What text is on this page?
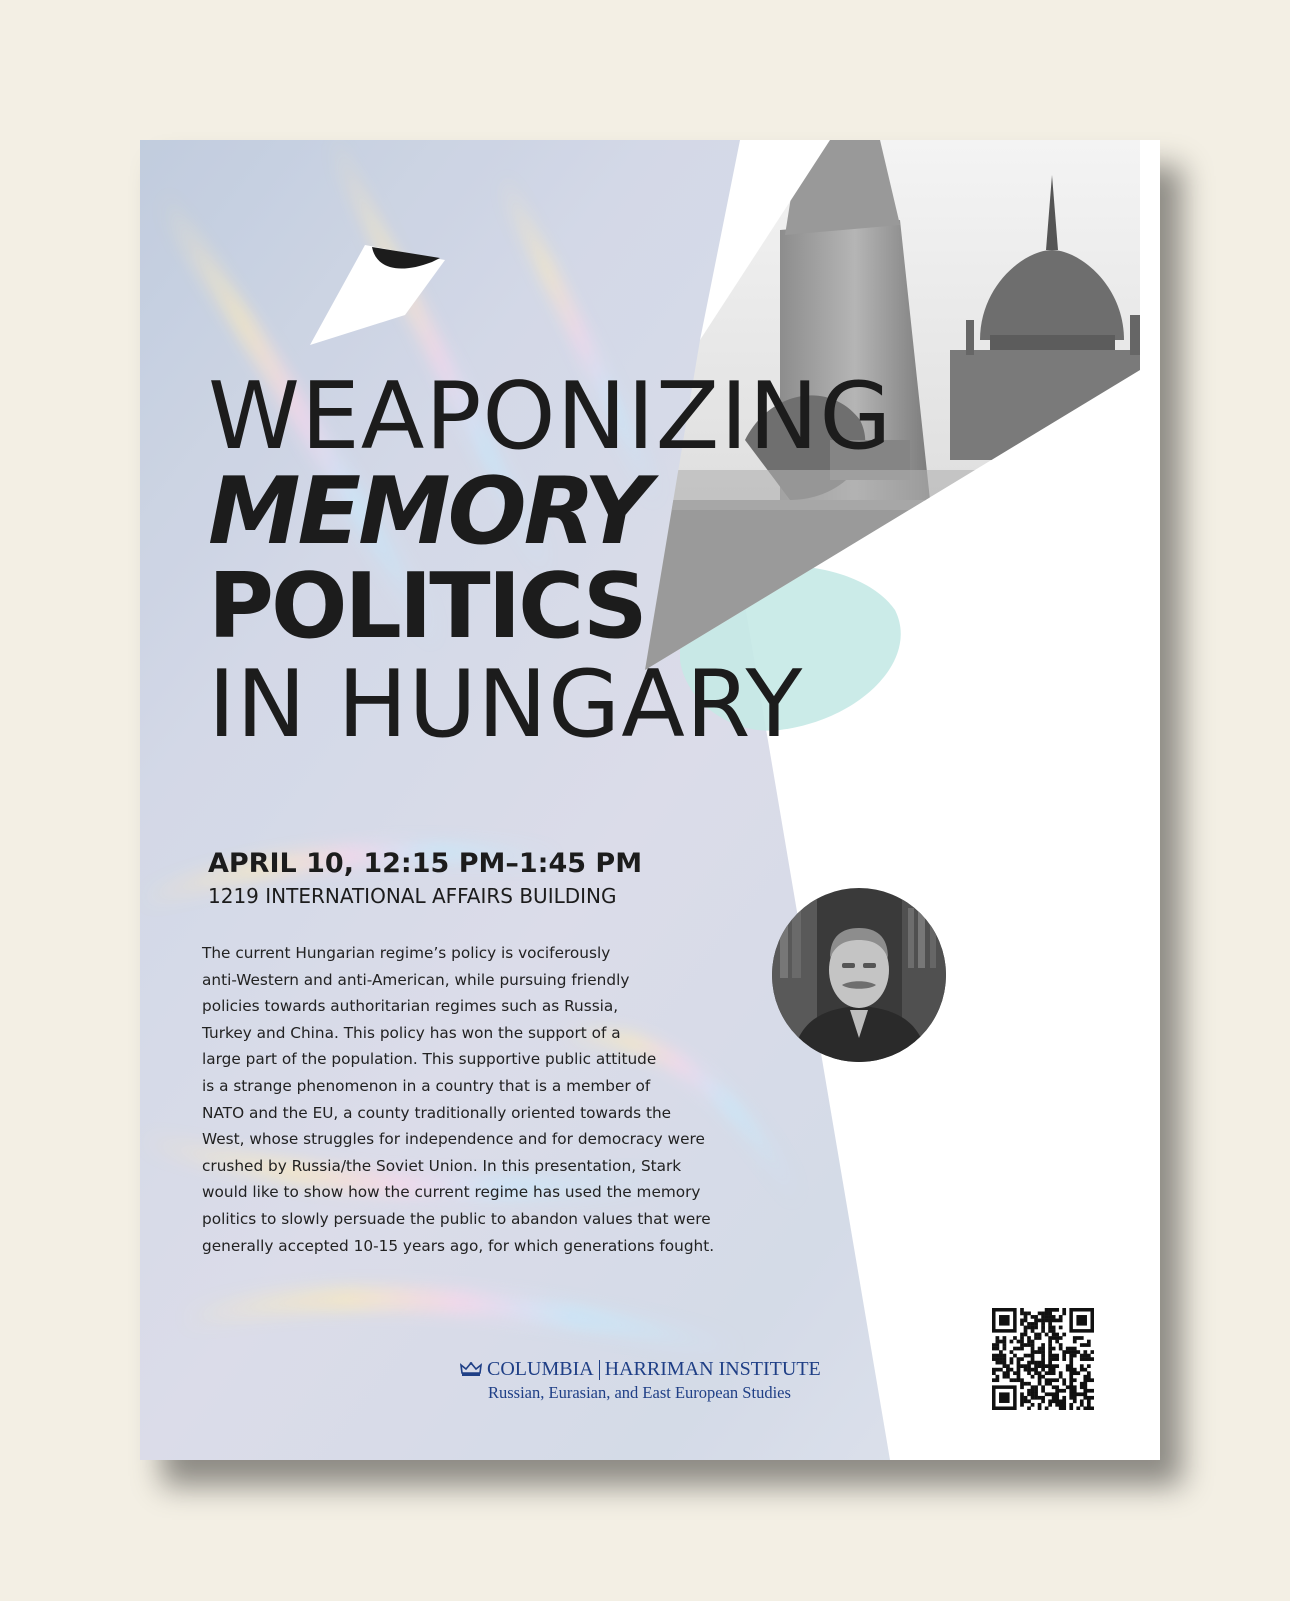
WEAPONIZING
MEMORY
POLITICS
IN HUNGARY

APRIL 10, 12:15 PM–1:45 PM

1219 INTERNATIONAL AFFAIRS BUILDING

The current Hungarian regime’s policy is vociferously
anti-Western and anti-American, while pursuing friendly
policies towards authoritarian regimes such as Russia,
Turkey and China. This policy has won the support of a
large part of the population. This supportive public attitude
is a strange phenomenon in a country that is a member of
NATO and the EU, a county traditionally oriented towards the
West, whose struggles for independence and for democracy were
crushed by Russia/the Soviet Union. In this presentation, Stark
would like to show how the current regime has used the memory
politics to slowly persuade the public to abandon values that were
generally accepted 10-15 years ago, for which generations fought.

COLUMBIA HARRIMAN INSTITUTE
Russian, Eurasian, and East European Studies
